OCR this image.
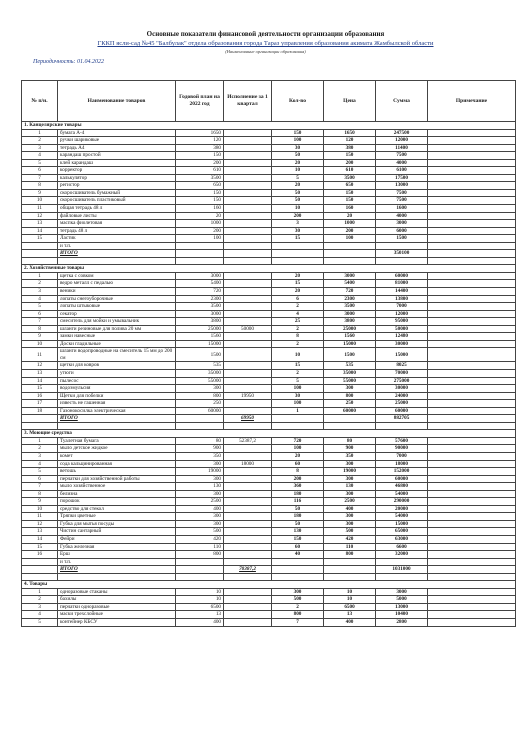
Основные показатели финансовой деятельности организации образования
ГККП ясли-сад №45 "Балбулак" отдела образования города Тараз управления образования акимата Жамбылской области
(Наименование организации образования)
Периодичность: 01.04.2022
№ п/н.	Наименование товаров	Годовой план на 2022 год	Исполнение за 1 квартал	Кол-во	Цена	Сумма	Примечание
1. Канцелярские товары							
1	бумага А-4	1650		150	1650	247500	
2	ручки шариковые	120		100	120	12000	
3	тетрадь А4	380		30	380	11400	
4	карандаш простой	150		50	150	7500	
5	клей карандаш	200		20	200	4000	
6	корректор	610		10	610	6100	
7	калькулятор	3500		5	3500	17500	
8	регистор	650		20	650	13000	
9	скоросшиватель бумажный	150		50	150	7500	
10	скоросшиватель пластиковый	150		50	150	7500	
11	общая тетрадь 48 л	160		10	160	1600	
12	файловые листы	20		200	20	4000	
13	маспка фиолетовая	1000		3	1000	3000	
14	тетрадь 48 л	200		30	200	6000	
15	Ластик	100		15	100	1500	
	и т.п.						
	ИТОГО					350100	

2. Хозяйственные товары							
1	щетка с совком	3000		20	3000	60000	
2	ведро металл с педалью	5400		15	5400	81000	
3	веники	720		20	720	14400	
4	лопаты снегоуборочные	2300		6	2300	13800	
5	лопаты штыковые	3500		2	3500	7000	
6	секатор	3000		4	3000	12000	
7	смеситель для мойки и умывальник	3800		25	3800	95000	
8	шланги резиновые для полива 20 мм	25000	50000	2	25000	50000	
9	замки навесные	1560		8	1560	12480	
10	Доски гладильные	15000		2	15000	30000	
11	шланги водопроводные на смеситель 15 мм до 200 см	1500		10	1500	15000	
12	щетки для ковров	535		15	535	8025	
13	утюги	35000		2	35000	70000	
14	пылесос	55000		5	55000	275000	
15	водоэмульсия	300		100	300	30000	
16	Щетки для побелки	800	19950	30	800	24000	
17	известь не гашенная	250		100	250	25000	
18	Газонокосилка электрическая	60000		1	60000	60000	
	ИТОГО		69950			882705	

3. Моющие средства							
1	Туалетная бумага	80	52387,2	720	80	57600	
2	мыло детское жидкое	900		100	900	90000	
3	комет	350		20	350	7000	
4	сода кальцинированная	300	18000	60	300	18000	
5	ветошь	19000		8	19000	152000	
6	перчатки для хозяйственной работы	300		200	300	60000	
7	мыло хозяйственное	130		360	130	46800	
8	белизна	300		180	300	54000	
9	порошок	2500		116	2500	290000	
10	средство для стекол	400		50	400	20000	
11	Тряпки цветные	300		180	300	54000	
12	Губка для мытья посуды	300		50	300	15000	
13	Чистин сантарный	500		130	500	65000	
14	Фейри	420		150	420	63000	
15	Губка железная	110		60	110	6600	
16	Ерш	800		40	800	32000	
	и т.п.						
	ИТОГО		70387,2			1031000	

4. Товары							
1	одноразовые стаканы	10		300	10	3000	
2	бахилы	10		500	10	5000	
3	перчатки одноразовые	6500		2	6500	13000	
4	маски трехслойные	13		800	13	10400	
5	контейнер КБСУ	400		7	400	2800	
